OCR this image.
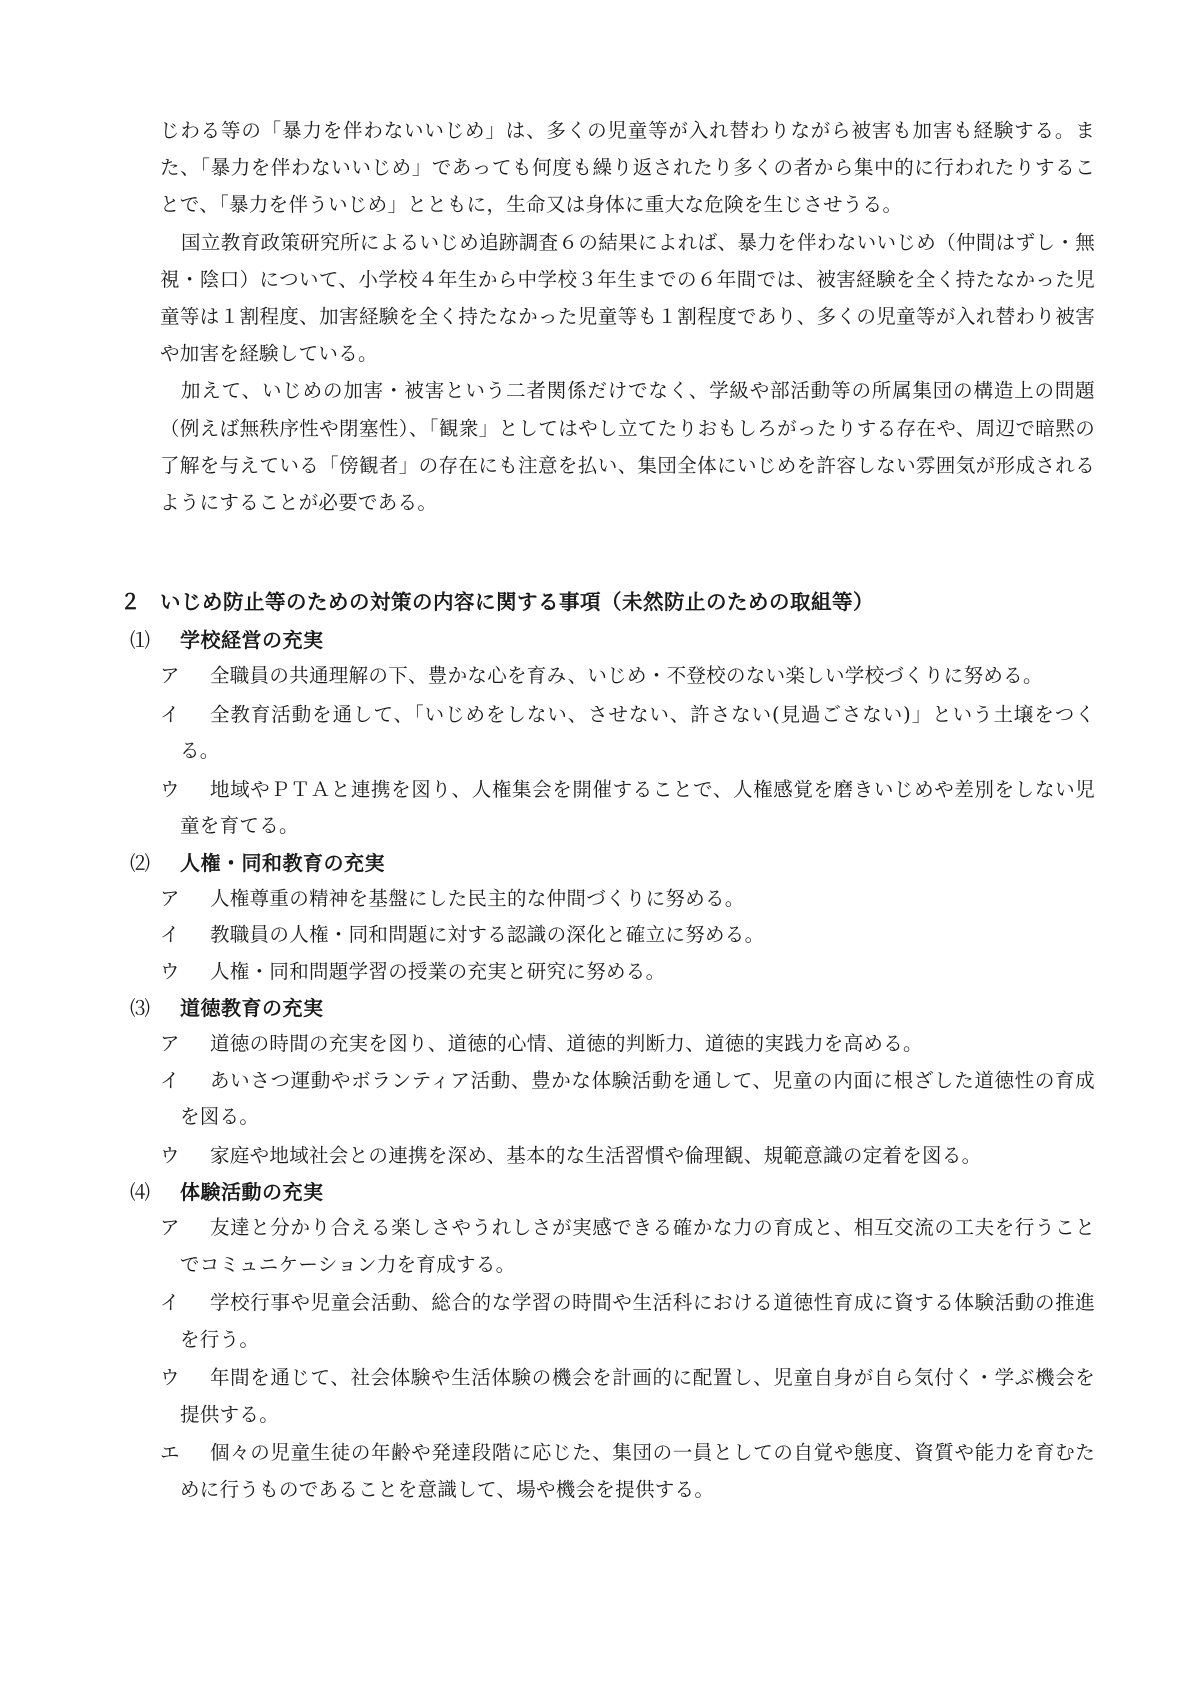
じわる等の「暴力を伴わないいじめ」は、多くの児童等が入れ替わりながら被害も加害も経験する。また、「暴力を伴わないいじめ」であっても何度も繰り返されたり多くの者から集中的に行われたりすることで、「暴力を伴ういじめ」とともに，生命又は身体に重大な危険を生じさせうる。

国立教育政策研究所によるいじめ追跡調査６の結果によれば、暴力を伴わないいじめ（仲間はずし・無視・陰口）について、小学校４年生から中学校３年生までの６年間では、被害経験を全く持たなかった児童等は１割程度、加害経験を全く持たなかった児童等も１割程度であり、多くの児童等が入れ替わり被害や加害を経験している。

加えて、いじめの加害・被害という二者関係だけでなく、学級や部活動等の所属集団の構造上の問題（例えば無秩序性や閉塞性）、「観衆」としてはやし立てたりおもしろがったりする存在や、周辺で暗黙の了解を与えている「傍観者」の存在にも注意を払い、集団全体にいじめを許容しない雰囲気が形成されるようにすることが必要である。

２ いじめ防止等のための対策の内容に関する事項（未然防止のための取組等）
⑴ 学校経営の充実
ア	全職員の共通理解の下、豊かな心を育み、いじめ・不登校のない楽しい学校づくりに努める。
イ	全教育活動を通して、「いじめをしない、させない、許さない(見過ごさない)」という土壌をつくる。
ウ	地域やＰＴＡと連携を図り、人権集会を開催することで、人権感覚を磨きいじめや差別をしない児童を育てる。
⑵ 人権・同和教育の充実
ア	人権尊重の精神を基盤にした民主的な仲間づくりに努める。
イ	教職員の人権・同和問題に対する認識の深化と確立に努める。
ウ	人権・同和問題学習の授業の充実と研究に努める。
⑶ 道徳教育の充実
ア	道徳の時間の充実を図り、道徳的心情、道徳的判断力、道徳的実践力を高める。
イ	あいさつ運動やボランティア活動、豊かな体験活動を通して、児童の内面に根ざした道徳性の育成を図る。
ウ	家庭や地域社会との連携を深め、基本的な生活習慣や倫理観、規範意識の定着を図る。
⑷ 体験活動の充実
ア	友達と分かり合える楽しさやうれしさが実感できる確かな力の育成と、相互交流の工夫を行うことでコミュニケーション力を育成する。
イ	学校行事や児童会活動、総合的な学習の時間や生活科における道徳性育成に資する体験活動の推進を行う。
ウ	年間を通じて、社会体験や生活体験の機会を計画的に配置し、児童自身が自ら気付く・学ぶ機会を提供する。
エ	個々の児童生徒の年齢や発達段階に応じた、集団の一員としての自覚や態度、資質や能力を育むために行うものであることを意識して、場や機会を提供する。
